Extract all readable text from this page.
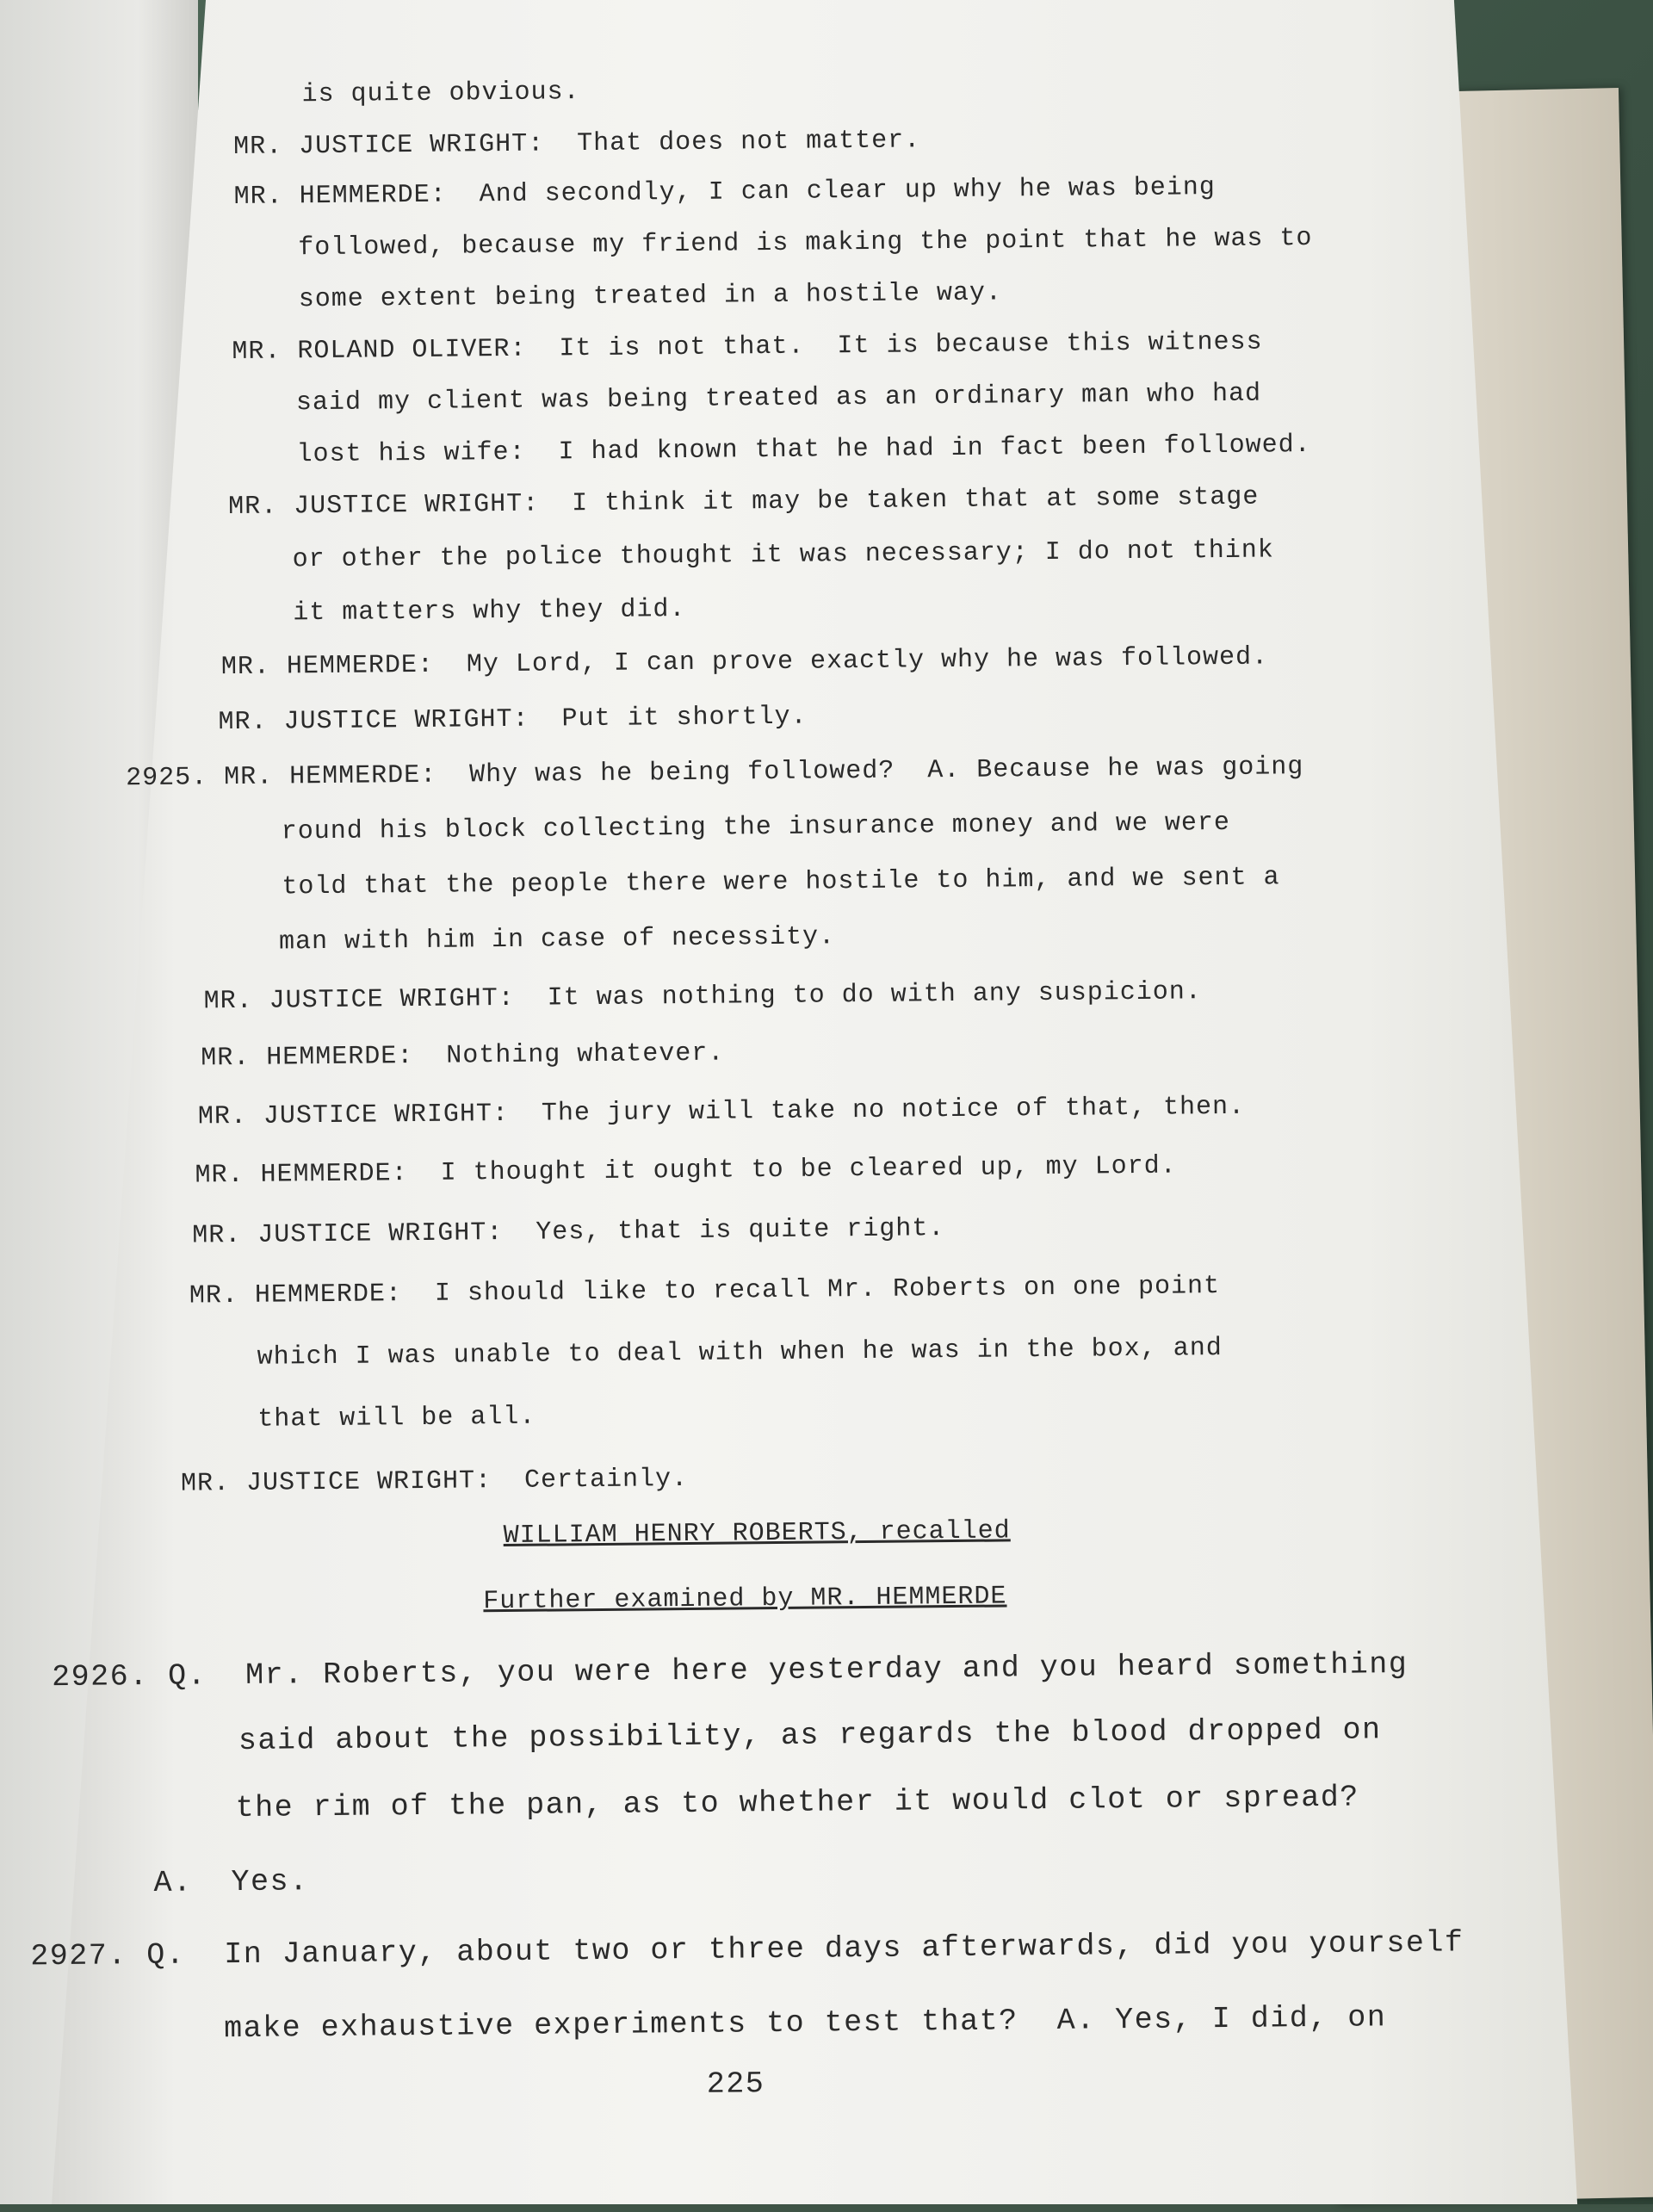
is quite obvious.
MR. JUSTICE WRIGHT:  That does not matter.
MR. HEMMERDE:  And secondly, I can clear up why he was being
followed, because my friend is making the point that he was to
some extent being treated in a hostile way.
MR. ROLAND OLIVER:  It is not that.  It is because this witness
said my client was being treated as an ordinary man who had
lost his wife:  I had known that he had in fact been followed.
MR. JUSTICE WRIGHT:  I think it may be taken that at some stage
or other the police thought it was necessary; I do not think
it matters why they did.
MR. HEMMERDE:  My Lord, I can prove exactly why he was followed.
MR. JUSTICE WRIGHT:  Put it shortly.
2925. MR. HEMMERDE:  Why was he being followed?  A. Because he was going
round his block collecting the insurance money and we were
told that the people there were hostile to him, and we sent a
man with him in case of necessity.
MR. JUSTICE WRIGHT:  It was nothing to do with any suspicion.
MR. HEMMERDE:  Nothing whatever.
MR. JUSTICE WRIGHT:  The jury will take no notice of that, then.
MR. HEMMERDE:  I thought it ought to be cleared up, my Lord.
MR. JUSTICE WRIGHT:  Yes, that is quite right.
MR. HEMMERDE:  I should like to recall Mr. Roberts on one point
which I was unable to deal with when he was in the box, and
that will be all.
MR. JUSTICE WRIGHT:  Certainly.
WILLIAM HENRY ROBERTS, recalled
Further examined by MR. HEMMERDE
2926. Q.  Mr. Roberts, you were here yesterday and you heard something
said about the possibility, as regards the blood dropped on
the rim of the pan, as to whether it would clot or spread?
A.  Yes.
2927. Q.  In January, about two or three days afterwards, did you yourself
make exhaustive experiments to test that?  A. Yes, I did, on
225
